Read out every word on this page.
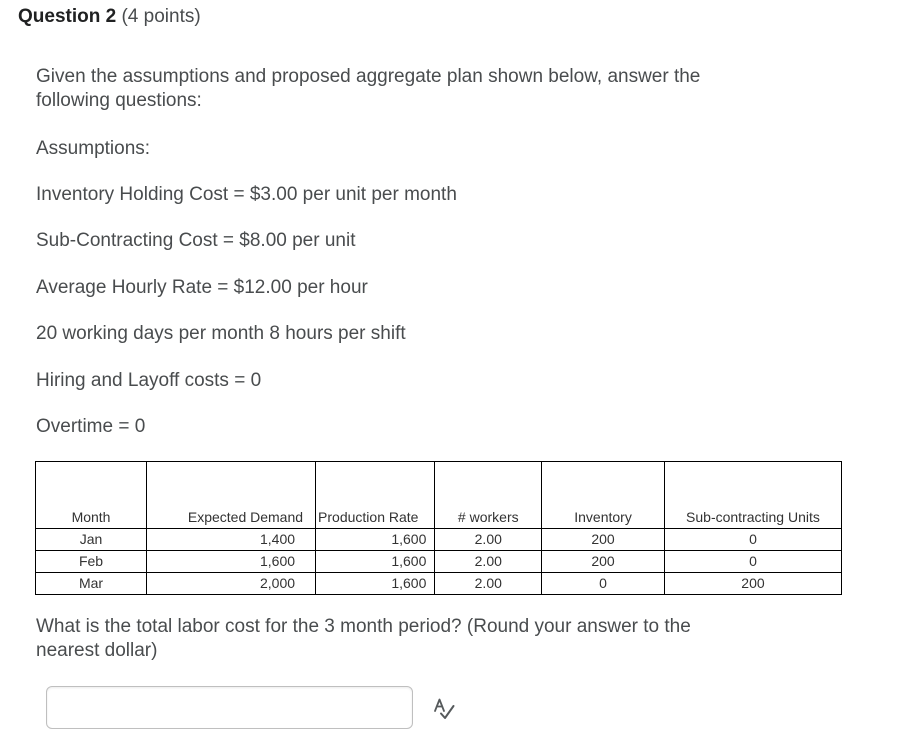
Question 2 (4 points)
Given the assumptions and proposed aggregate plan shown below, answer the
following questions:
Assumptions:
Inventory Holding Cost = $3.00 per unit per month
Sub-Contracting Cost = $8.00 per unit
Average Hourly Rate = $12.00 per hour
20 working days per month 8 hours per shift
Hiring and Layoff costs = 0
Overtime = 0
Month	Expected Demand	Production Rate	# workers	Inventory	Sub-contracting Units
Jan	1,400	1,600	2.00	200	0
Feb	1,600	1,600	2.00	200	0
Mar	2,000	1,600	2.00	0	200
What is the total labor cost for the 3 month period? (Round your answer to the
nearest dollar)
